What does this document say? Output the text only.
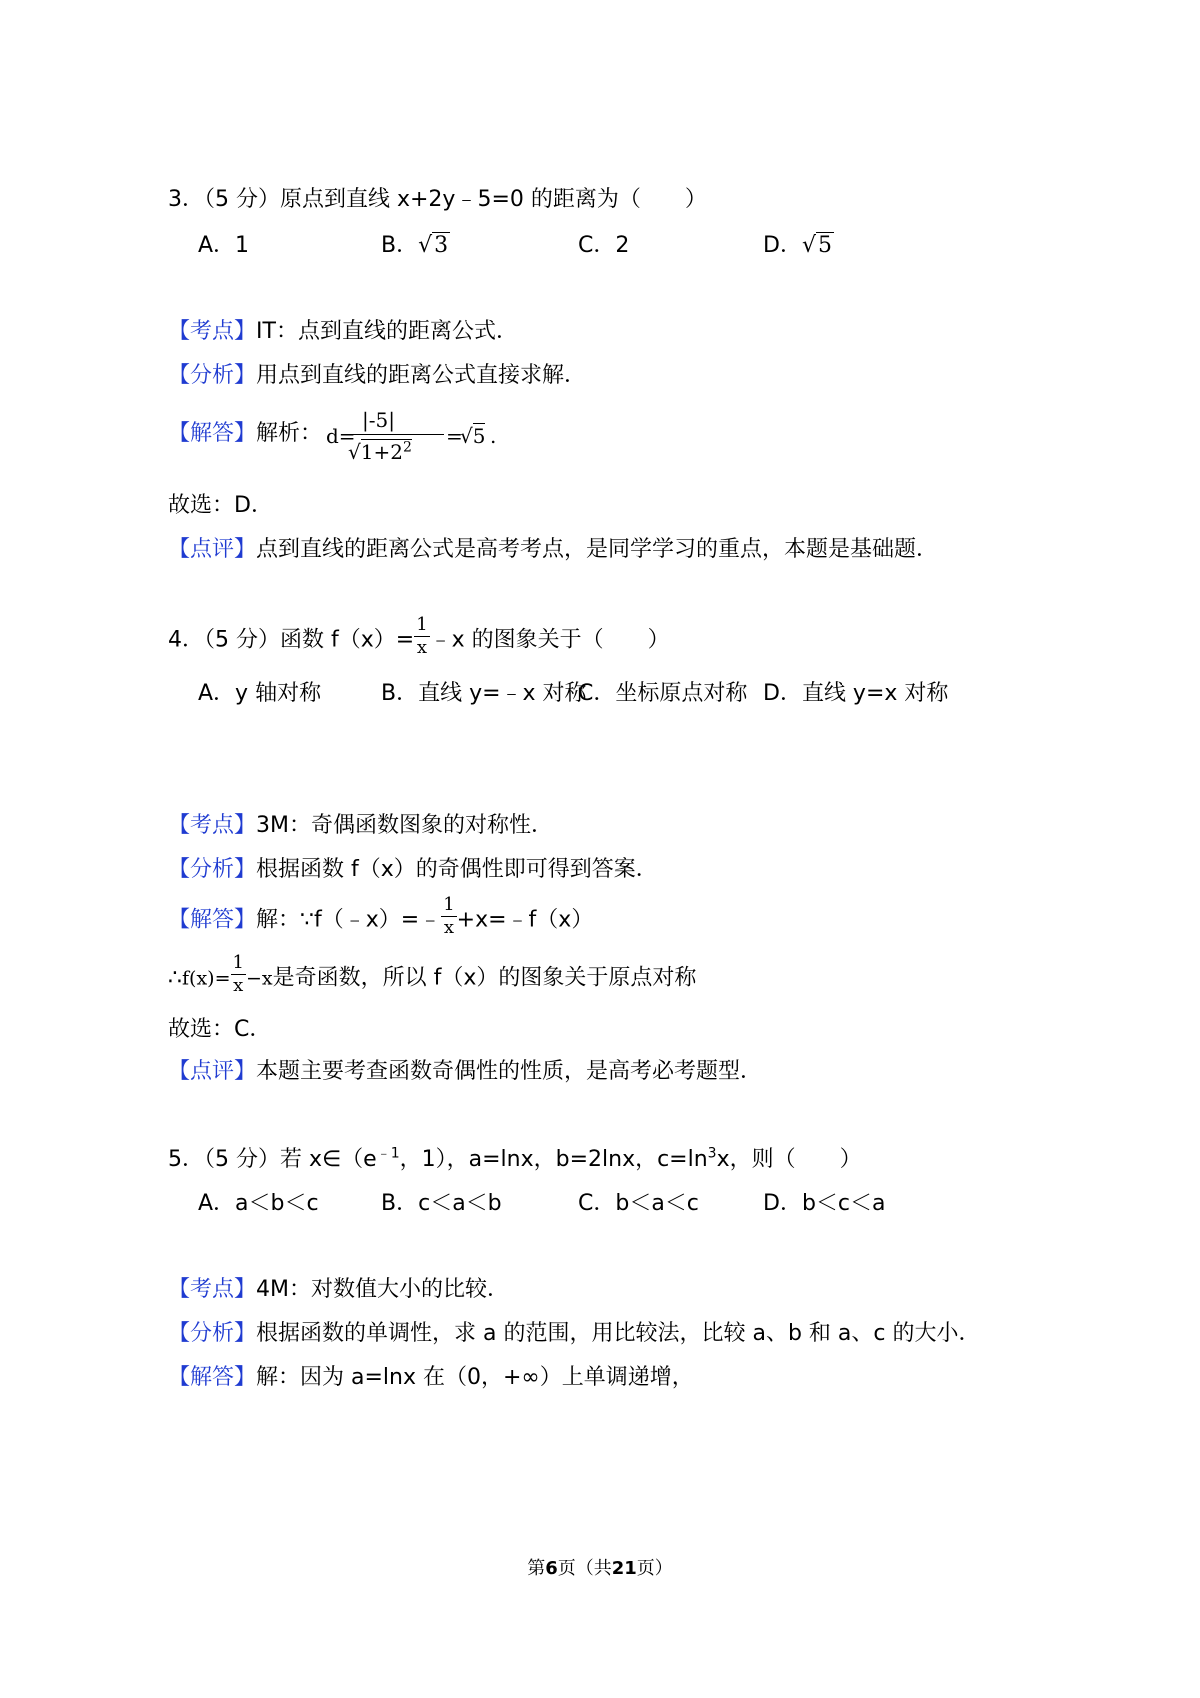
3．（5 分）原点到直线 x+2y﹣5=0 的距离为（　　）
A．1	B．√3	C．2	D．√5
【考点】IT：点到直线的距离公式．
【分析】用点到直线的距离公式直接求解．
【解答】解析： d=
|-5|
$√1+2^2$ =
√5 .
故选：D．
【点评】点到直线的距离公式是高考考点，是同学学习的重点，本题是基础题．
4．（5 分）函数 $f(x)= \frac{1}{x}$ ﹣x 的图象关于（　　）
A．y 轴对称	B．直线 y=﹣x 对称
C．坐标原点对称 D．直线 y=x 对称
【考点】3M：奇偶函数图象的对称性．
【分析】根据函数 f（x）的奇偶性即可得到答案．
【解答】解：∵f（﹣x）=﹣ $\frac{1}{x}$ +x=﹣f（x）
∴f(x)= $\frac{1}{x} -x$是奇函数，所以 f（x）的图象关于原点对称
故选：C．
【点评】本题主要考查函数奇偶性的性质，是高考必考题型．
5．（5 分）若 $x\in(e^{﹣1}$，1），a=lnx，b=2lnx，$c=\ln^3x$，则（　　）
A．a＜b＜c	B．c＜a＜b	C．b＜a＜c	D．b＜c＜a
【考点】4M：对数值大小的比较．
【分析】根据函数的单调性，求 a 的范围，用比较法，比较 a、b 和 a、c 的大小．
【解答】解：因为 a=lnx 在（0，+∞）上单调递增，
第6页（共21页）
